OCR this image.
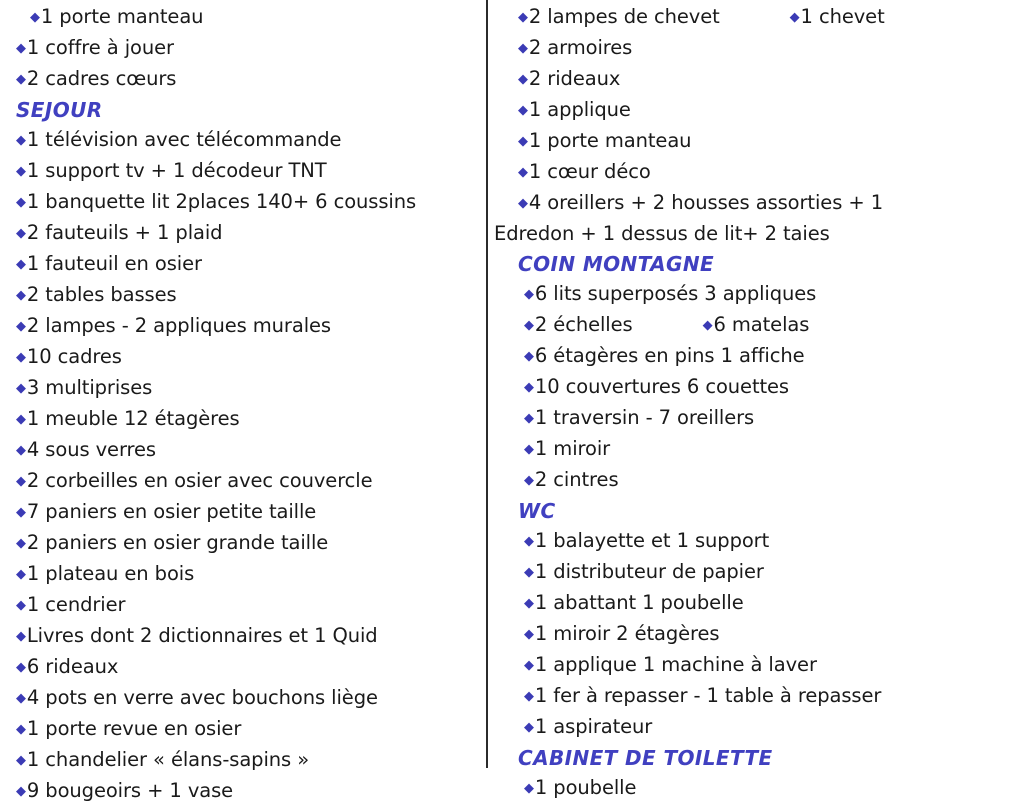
◆1 porte manteau
◆1 coffre à jouer
◆2 cadres cœurs
SEJOUR
◆1 télévision avec télécommande
◆1 support tv + 1 décodeur TNT
◆1 banquette lit 2places 140+ 6 coussins
◆2 fauteuils + 1 plaid
◆1 fauteuil en osier
◆2 tables basses
◆2 lampes - 2 appliques murales
◆10 cadres
◆3 multiprises
◆1 meuble 12 étagères
◆4 sous verres
◆2 corbeilles en osier avec couvercle
◆7 paniers en osier petite taille
◆2 paniers en osier grande taille
◆1 plateau en bois
◆1 cendrier
◆Livres dont 2 dictionnaires et 1 Quid
◆6 rideaux
◆4 pots en verre avec bouchons liège
◆1 porte revue en osier
◆1 chandelier « élans-sapins »
◆9 bougeoirs + 1 vase
◆2 lampes de chevet	◆1 chevet
◆2 armoires
◆2 rideaux
◆1 applique
◆1 porte manteau
◆1 cœur déco
◆4 oreillers + 2 housses assorties + 1
Edredon + 1 dessus de lit+ 2 taies
COIN MONTAGNE
◆6 lits superposés 3 appliques
◆2 échelles	◆6 matelas
◆6 étagères en pins 1 affiche
◆10 couvertures 6 couettes
◆1 traversin - 7 oreillers
◆1 miroir
◆2 cintres
WC
◆1 balayette et 1 support
◆1 distributeur de papier
◆1 abattant 1 poubelle
◆1 miroir 2 étagères
◆1 applique 1 machine à laver
◆1 fer à repasser - 1 table à repasser
◆1 aspirateur
CABINET DE TOILETTE
◆1 poubelle
